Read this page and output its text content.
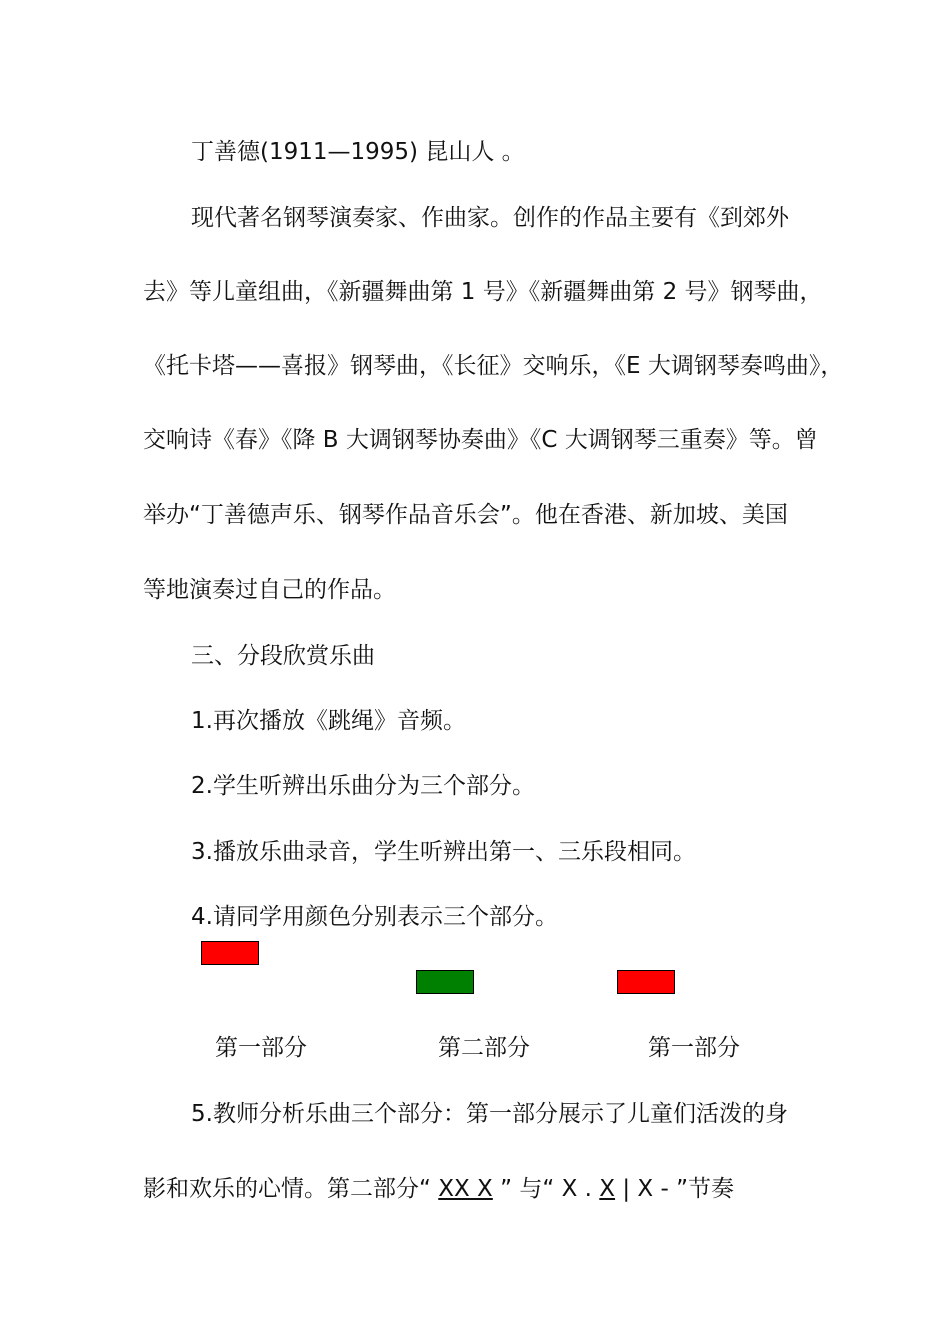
丁善德(1911—1995) 昆山人 。
现代著名钢琴演奏家、作曲家。创作的作品主要有《到郊外
去》等儿童组曲，《新疆舞曲第 1 号》《新疆舞曲第 2 号》钢琴曲，
《托卡塔——喜报》钢琴曲，《长征》交响乐，《E 大调钢琴奏鸣曲》，
交响诗《春》《降 B 大调钢琴协奏曲》《C 大调钢琴三重奏》等。曾
举办“丁善德声乐、钢琴作品音乐会”。他在香港、新加坡、美国
等地演奏过自己的作品。
三、分段欣赏乐曲
1.再次播放《跳绳》音频。
2.学生听辨出乐曲分为三个部分。
3.播放乐曲录音，学生听辨出第一、三乐段相同。
4.请同学用颜色分别表示三个部分。
第一部分	第二部分	第一部分
5.教师分析乐曲三个部分：第一部分展示了儿童们活泼的身
影和欢乐的心情。第二部分“ XX X ” 与“ X . X | X - ”节奏
